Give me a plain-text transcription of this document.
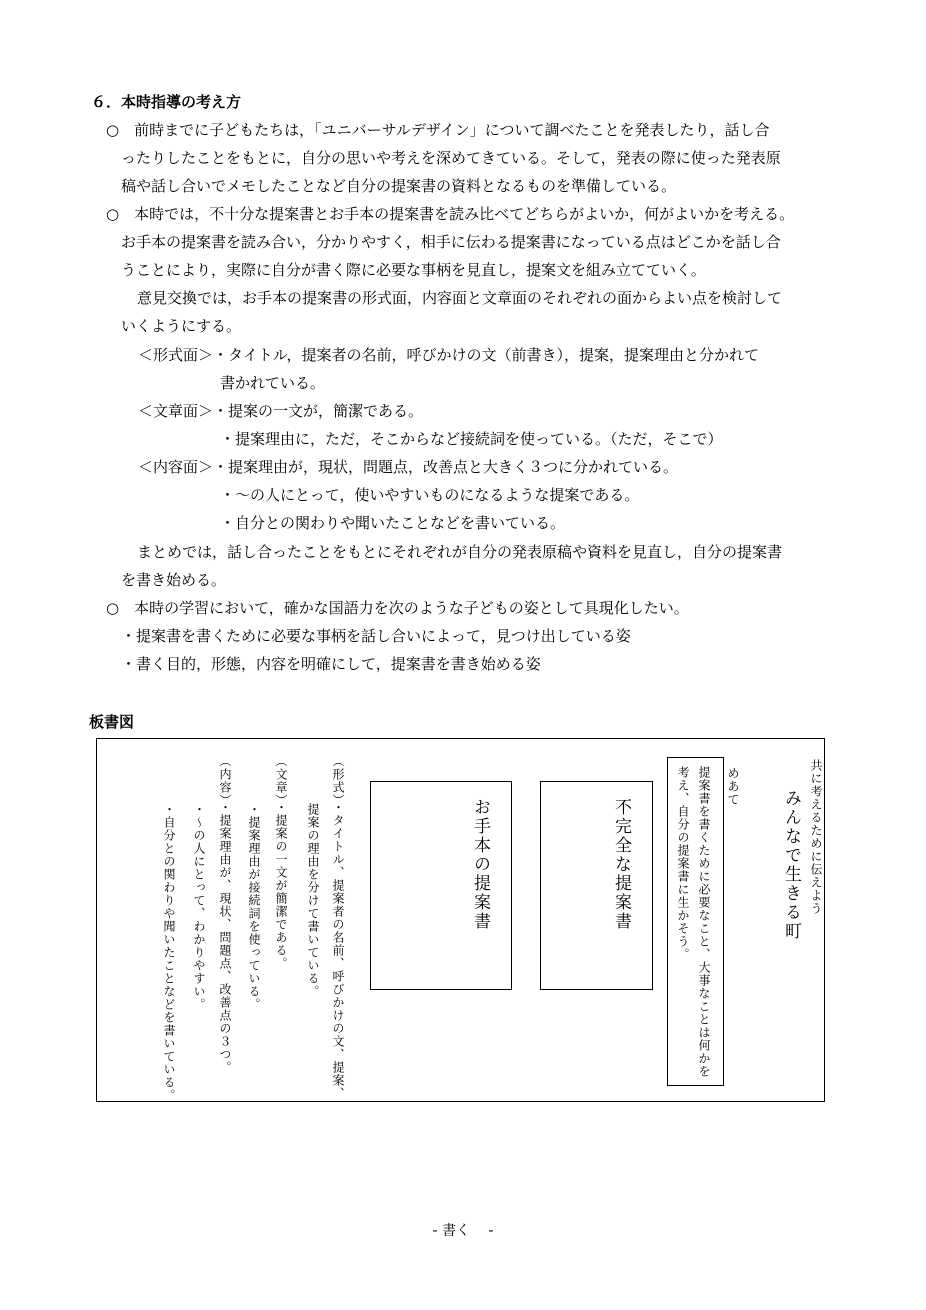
６．本時指導の考え方
○　前時までに子どもたちは，「ユニバーサルデザイン」について調べたことを発表したり，話し合
ったりしたことをもとに，自分の思いや考えを深めてきている。そして，発表の際に使った発表原
稿や話し合いでメモしたことなど自分の提案書の資料となるものを準備している。
○　本時では，不十分な提案書とお手本の提案書を読み比べてどちらがよいか，何がよいかを考える。
お手本の提案書を読み合い，分かりやすく，相手に伝わる提案書になっている点はどこかを話し合
うことにより，実際に自分が書く際に必要な事柄を見直し，提案文を組み立てていく。
意見交換では，お手本の提案書の形式面，内容面と文章面のそれぞれの面からよい点を検討して
いくようにする。
＜形式面＞・タイトル，提案者の名前，呼びかけの文（前書き），提案，提案理由と分かれて
書かれている。
＜文章面＞・提案の一文が，簡潔である。
・提案理由に，ただ，そこからなど接続詞を使っている。（ただ，そこで）
＜内容面＞・提案理由が，現状，問題点，改善点と大きく３つに分かれている。
・～の人にとって，使いやすいものになるような提案である。
・自分との関わりや聞いたことなどを書いている。
まとめでは，話し合ったことをもとにそれぞれが自分の発表原稿や資料を見直し，自分の提案書
を書き始める。
○　本時の学習において，確かな国語力を次のような子どもの姿として具現化したい。
・提案書を書くために必要な事柄を話し合いによって，見つけ出している姿
・書く目的，形態，内容を明確にして，提案書を書き始める姿
板書図
共に考えるために伝えよう
みんなで生きる町
めあて
提案書を書くために必要なこと、大事なことは何かを
考え、自分の提案書に生かそう。
不完全な提案書
お手本の提案書
（形式）・タイトル、提案者の名前、呼びかけの文、提案、
提案の理由を分けて書いている。
（文章）・提案の一文が簡潔である。
・提案理由が接続詞を使っている。
（内容）・提案理由が、現状、問題点、改善点の３つ。
・～の人にとって、わかりやすい。
・自分との関わりや聞いたことなどを書いている。
- 書く　 -
